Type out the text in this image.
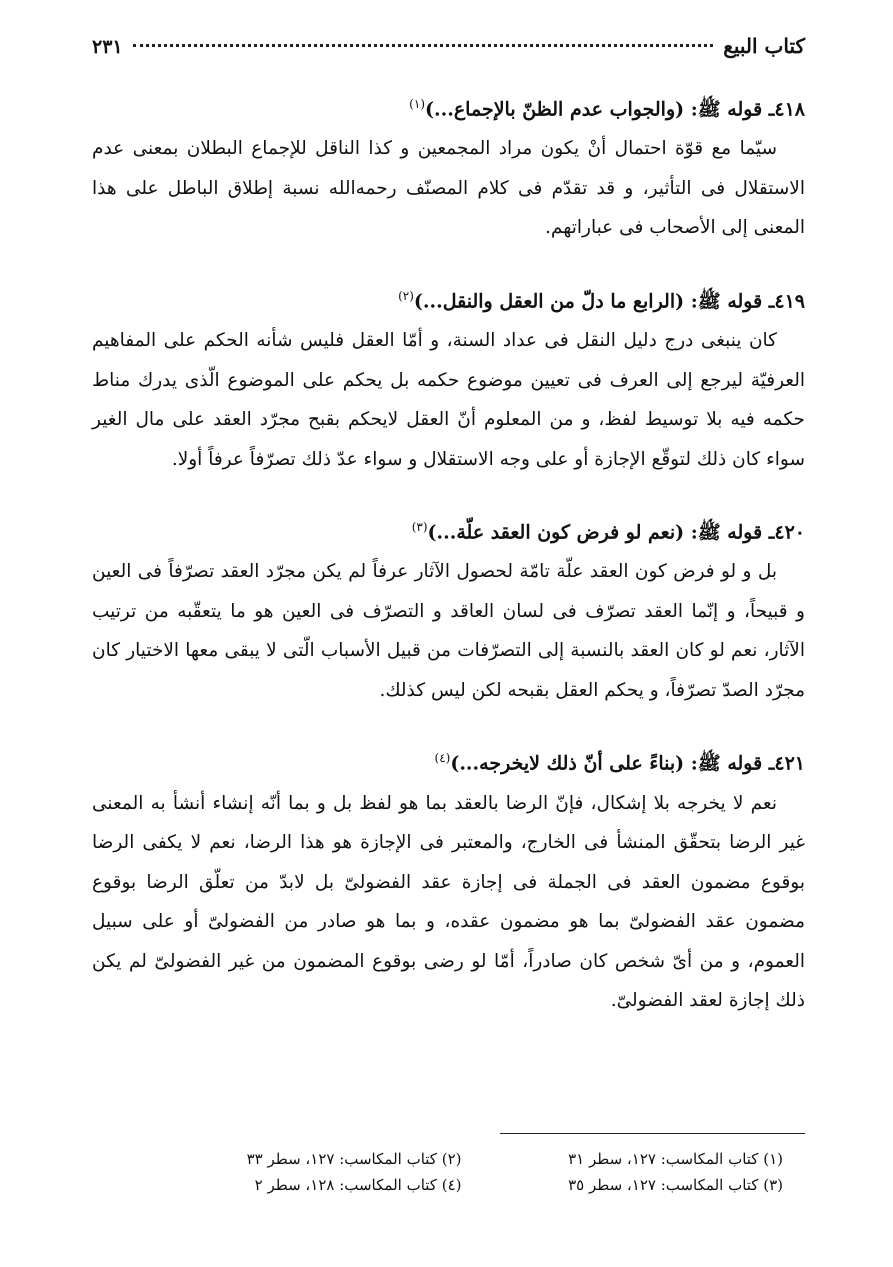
كتاب البيع
٢٣١

٤١٨ـ قوله ﷺ: (والجواب عدم الظنّ بالإجماع...)$^{(١)}$

سيّما مع قوّة احتمال أنْ يكون مراد المجمعين و كذا الناقل للإجماع البطلان بمعنى عدم الاستقلال فى التأثير، و قد تقدّم فى كلام المصنّف رحمه‌الله نسبة إطلاق الباطل على هذا المعنى إلى الأصحاب فى عباراتهم.

٤١٩ـ قوله ﷺ: (الرابع ما دلّ من العقل والنقل...)$^{(٢)}$

كان ينبغى درج دليل النقل فى عداد السنة، و أمّا العقل فليس شأنه الحكم على المفاهيم العرفيّة ليرجع إلى العرف فى تعيين موضوع حكمه بل يحكم على الموضوع الّذى يدرك مناط حكمه فيه بلا توسيط لفظ، و من المعلوم أنّ العقل لايحكم بقبح مجرّد العقد على مال الغير سواء كان ذلك لتوقّع الإجازة أو على وجه الاستقلال و سواء عدّ ذلك تصرّفاً عرفاً أولا.

٤٢٠ـ قوله ﷺ: (نعم لو فرض كون العقد علّة...)$^{(٣)}$

بل و لو فرض كون العقد علّة تامّة لحصول الآثار عرفاً لم يكن مجرّد العقد تصرّفاً فى العين و قبيحاً، و إنّما العقد تصرّف فى لسان العاقد و التصرّف فى العين هو ما يتعقّبه من ترتيب الآثار، نعم لو كان العقد بالنسبة إلى التصرّفات من قبيل الأسباب الّتى لا يبقى معها الاختيار كان مجرّد الصدّ تصرّفاً، و يحكم العقل بقبحه لكن ليس كذلك.

٤٢١ـ قوله ﷺ: (بناءً على أنّ ذلك لايخرجه...)$^{(٤)}$

نعم لا يخرجه بلا إشكال، فإنّ الرضا بالعقد بما هو لفظ بل و بما أنّه إنشاء أنشأ به المعنى غير الرضا بتحقّق المنشأ فى الخارج، والمعتبر فى الإجازة هو هذا الرضا، نعم لا يكفى الرضا بوقوع مضمون العقد فى الجملة فى إجازة عقد الفضولىّ بل لابدّ من تعلّق الرضا بوقوع مضمون عقد الفضولىّ بما هو مضمون عقده، و بما هو صادر من الفضولىّ أو على سبيل العموم، و من أىّ شخص كان صادراً، أمّا لو رضى بوقوع المضمون من غير الفضولىّ لم يكن ذلك إجازة لعقد الفضولىّ.

(١) كتاب المكاسب: ١٢٧، سطر ٣١
(٢) كتاب المكاسب: ١٢٧، سطر ٣٣
(٣) كتاب المكاسب: ١٢٧، سطر ٣٥
(٤) كتاب المكاسب: ١٢٨، سطر ٢
